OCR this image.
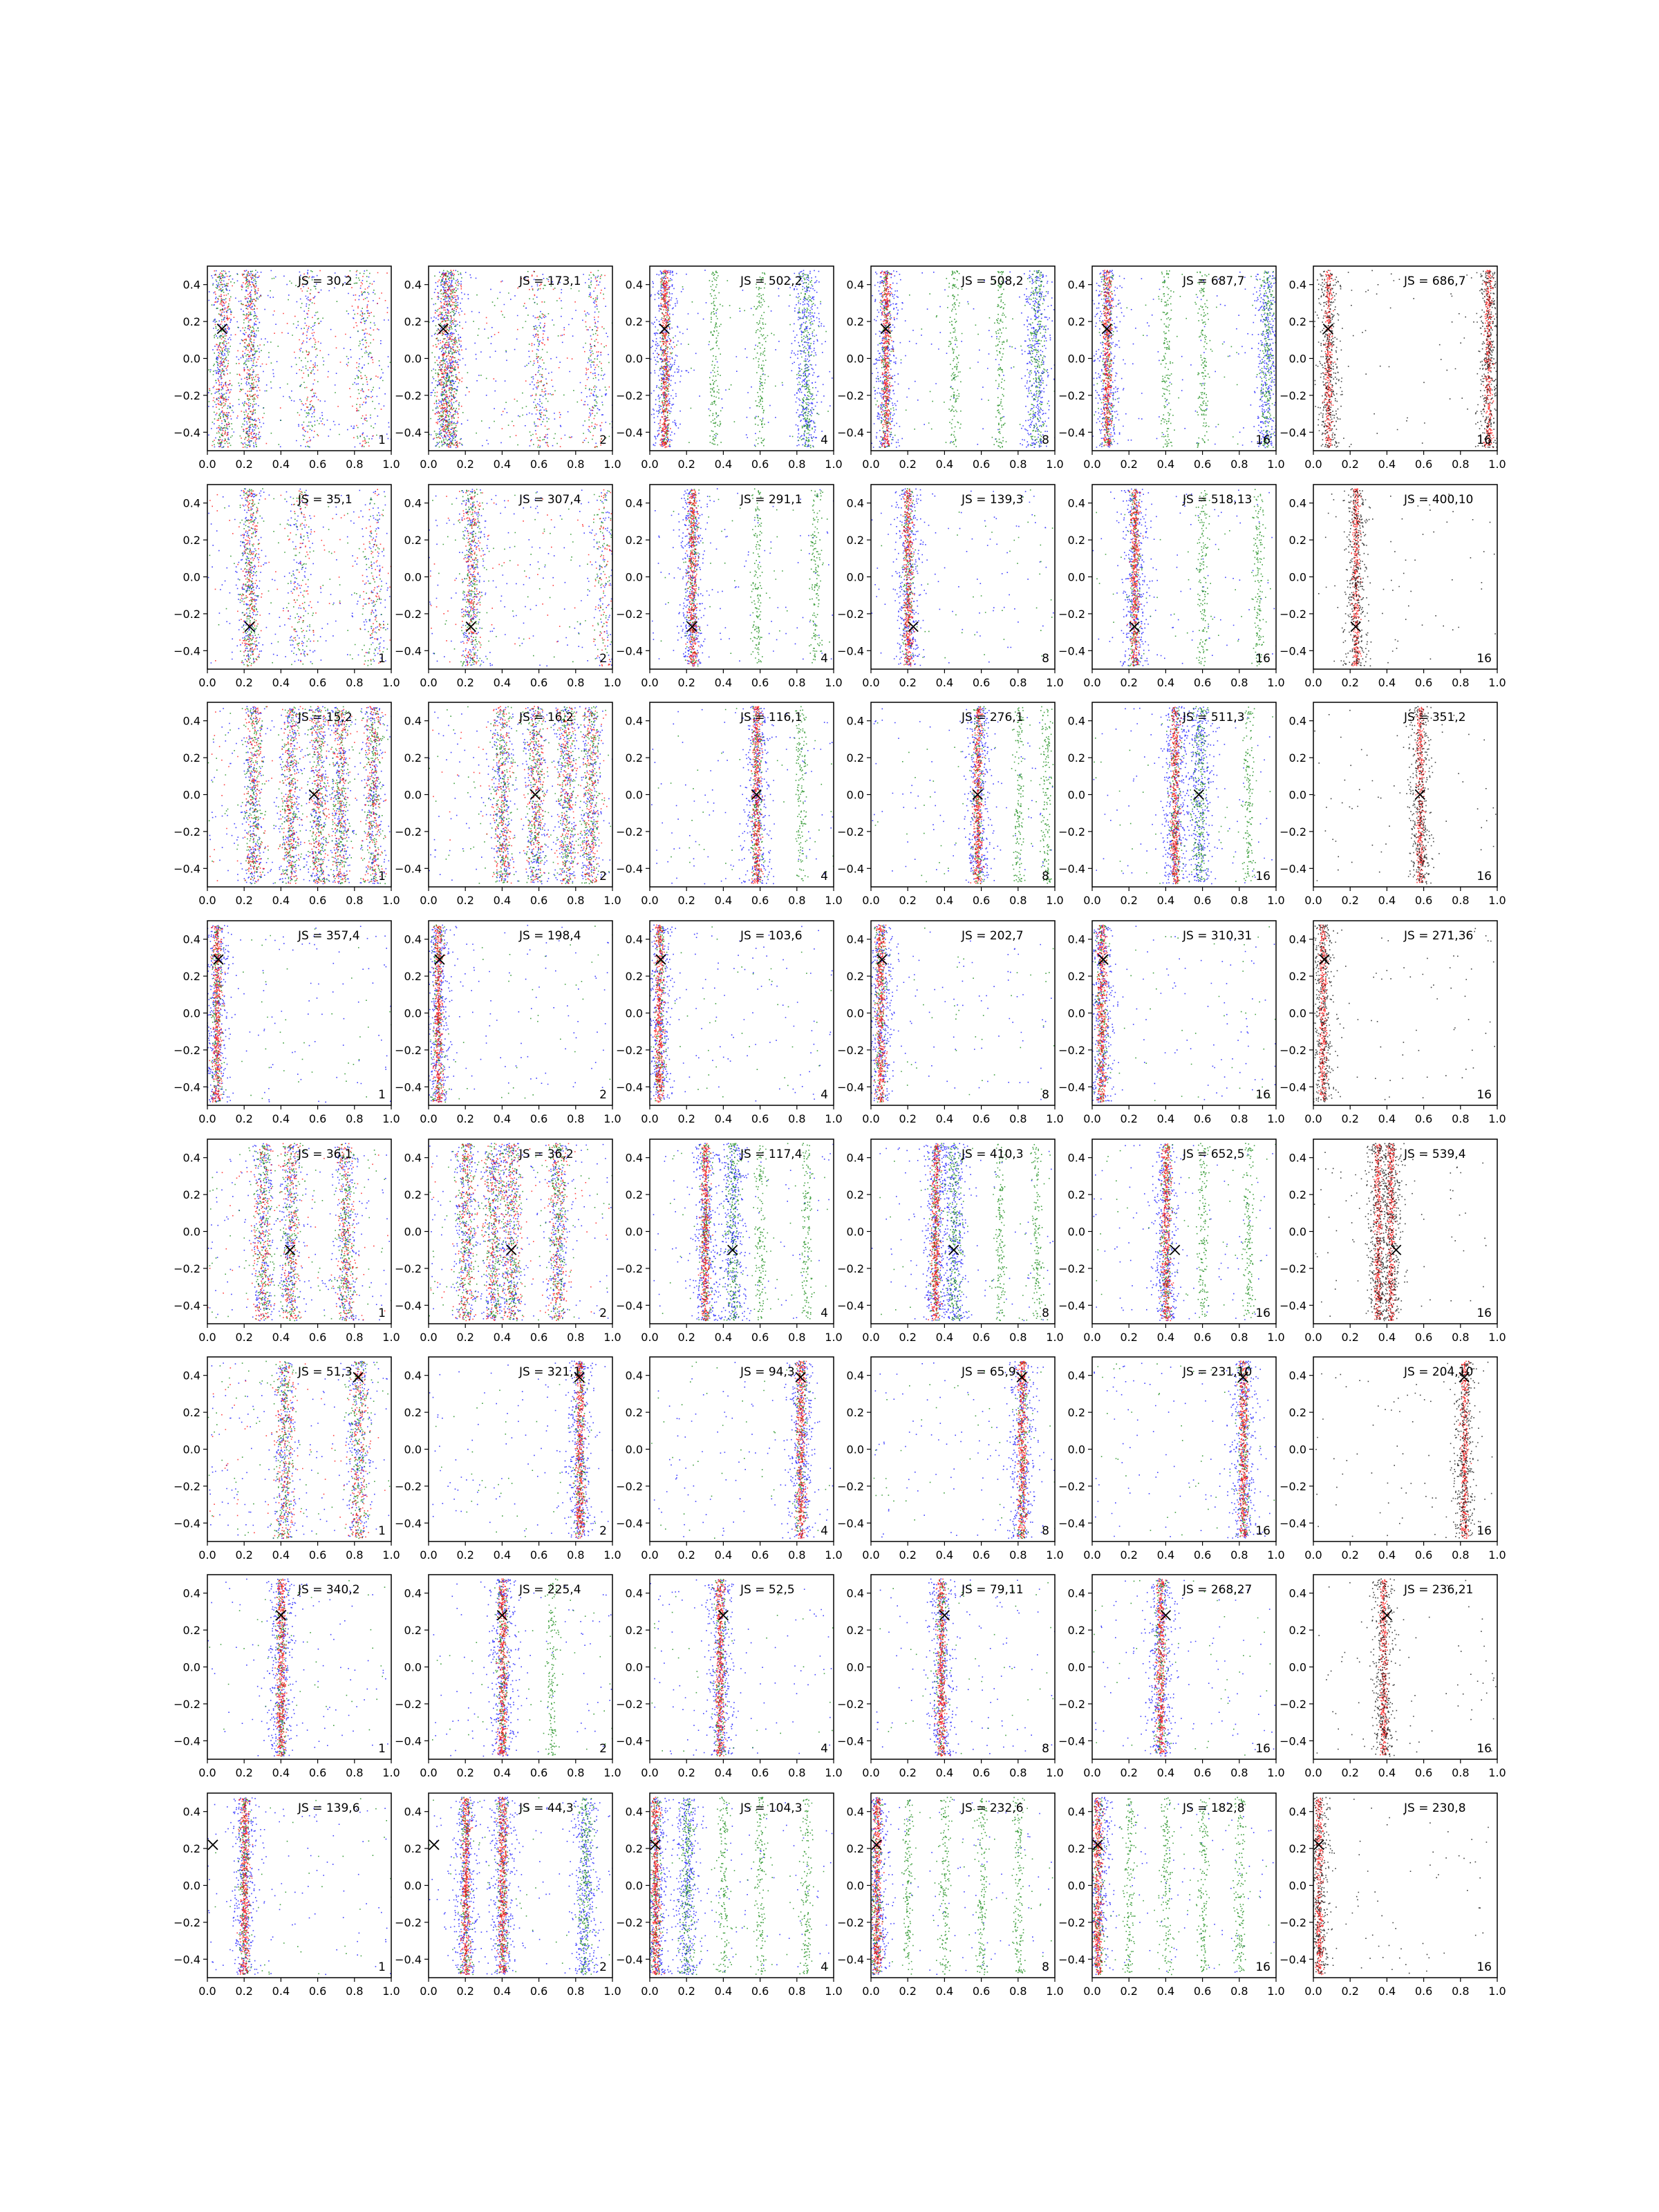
0.0 0.2 0.4 0.6 0.8 1.0
0.4
0.2
0.0
−0.2
−0.4
JS = 30,2
1
0.0 0.2 0.4 0.6 0.8 1.0
0.4
0.2
0.0
−0.2
−0.4
JS = 173,1
2
0.0 0.2 0.4 0.6 0.8 1.0
0.4
0.2
0.0
−0.2
−0.4
JS = 502,2
4
0.0 0.2 0.4 0.6 0.8 1.0
0.4
0.2
0.0
−0.2
−0.4
JS = 508,2
8
0.0 0.2 0.4 0.6 0.8 1.0
0.4
0.2
0.0
−0.2
−0.4
JS = 687,7
16
0.0 0.2 0.4 0.6 0.8 1.0
0.4
0.2
0.0
−0.2
−0.4
JS = 686,7
16
0.0 0.2 0.4 0.6 0.8 1.0
0.4
0.2
0.0
−0.2
−0.4
JS = 35,1
1
0.0 0.2 0.4 0.6 0.8 1.0
0.4
0.2
0.0
−0.2
−0.4
JS = 307,4
2
0.0 0.2 0.4 0.6 0.8 1.0
0.4
0.2
0.0
−0.2
−0.4
JS = 291,1
4
0.0 0.2 0.4 0.6 0.8 1.0
0.4
0.2
0.0
−0.2
−0.4
JS = 139,3
8
0.0 0.2 0.4 0.6 0.8 1.0
0.4
0.2
0.0
−0.2
−0.4
JS = 518,13
16
0.0 0.2 0.4 0.6 0.8 1.0
0.4
0.2
0.0
−0.2
−0.4
JS = 400,10
16
0.0 0.2 0.4 0.6 0.8 1.0
0.4
0.2
0.0
−0.2
−0.4
JS = 15,2
1
0.0 0.2 0.4 0.6 0.8 1.0
0.4
0.2
0.0
−0.2
−0.4
JS = 16,2
2
0.0 0.2 0.4 0.6 0.8 1.0
0.4
0.2
0.0
−0.2
−0.4
JS = 116,1
4
0.0 0.2 0.4 0.6 0.8 1.0
0.4
0.2
0.0
−0.2
−0.4
JS = 276,1
8
0.0 0.2 0.4 0.6 0.8 1.0
0.4
0.2
0.0
−0.2
−0.4
JS = 511,3
16
0.0 0.2 0.4 0.6 0.8 1.0
0.4
0.2
0.0
−0.2
−0.4
JS = 351,2
16
0.0 0.2 0.4 0.6 0.8 1.0
0.4
0.2
0.0
−0.2
−0.4
JS = 357,4
1
0.0 0.2 0.4 0.6 0.8 1.0
0.4
0.2
0.0
−0.2
−0.4
JS = 198,4
2
0.0 0.2 0.4 0.6 0.8 1.0
0.4
0.2
0.0
−0.2
−0.4
JS = 103,6
4
0.0 0.2 0.4 0.6 0.8 1.0
0.4
0.2
0.0
−0.2
−0.4
JS = 202,7
8
0.0 0.2 0.4 0.6 0.8 1.0
0.4
0.2
0.0
−0.2
−0.4
JS = 310,31
16
0.0 0.2 0.4 0.6 0.8 1.0
0.4
0.2
0.0
−0.2
−0.4
JS = 271,36
16
0.0 0.2 0.4 0.6 0.8 1.0
0.4
0.2
0.0
−0.2
−0.4
JS = 36,1
1
0.0 0.2 0.4 0.6 0.8 1.0
0.4
0.2
0.0
−0.2
−0.4
JS = 36,2
2
0.0 0.2 0.4 0.6 0.8 1.0
0.4
0.2
0.0
−0.2
−0.4
JS = 117,4
4
0.0 0.2 0.4 0.6 0.8 1.0
0.4
0.2
0.0
−0.2
−0.4
JS = 410,3
8
0.0 0.2 0.4 0.6 0.8 1.0
0.4
0.2
0.0
−0.2
−0.4
JS = 652,5
16
0.0 0.2 0.4 0.6 0.8 1.0
0.4
0.2
0.0
−0.2
−0.4
JS = 539,4
16
0.0 0.2 0.4 0.6 0.8 1.0
0.4
0.2
0.0
−0.2
−0.4
JS = 51,3
1
0.0 0.2 0.4 0.6 0.8 1.0
0.4
0.2
0.0
−0.2
−0.4
JS = 321,1
2
0.0 0.2 0.4 0.6 0.8 1.0
0.4
0.2
0.0
−0.2
−0.4
JS = 94,3
4
0.0 0.2 0.4 0.6 0.8 1.0
0.4
0.2
0.0
−0.2
−0.4
JS = 65,9
8
0.0 0.2 0.4 0.6 0.8 1.0
0.4
0.2
0.0
−0.2
−0.4
JS = 231,10
16
0.0 0.2 0.4 0.6 0.8 1.0
0.4
0.2
0.0
−0.2
−0.4
JS = 204,10
16
0.0 0.2 0.4 0.6 0.8 1.0
0.4
0.2
0.0
−0.2
−0.4
JS = 340,2
1
0.0 0.2 0.4 0.6 0.8 1.0
0.4
0.2
0.0
−0.2
−0.4
JS = 225,4
2
0.0 0.2 0.4 0.6 0.8 1.0
0.4
0.2
0.0
−0.2
−0.4
JS = 52,5
4
0.0 0.2 0.4 0.6 0.8 1.0
0.4
0.2
0.0
−0.2
−0.4
JS = 79,11
8
0.0 0.2 0.4 0.6 0.8 1.0
0.4
0.2
0.0
−0.2
−0.4
JS = 268,27
16
0.0 0.2 0.4 0.6 0.8 1.0
0.4
0.2
0.0
−0.2
−0.4
JS = 236,21
16
0.0 0.2 0.4 0.6 0.8 1.0
0.4
0.2
0.0
−0.2
−0.4
JS = 139,6
1
0.0 0.2 0.4 0.6 0.8 1.0
0.4
0.2
0.0
−0.2
−0.4
JS = 44,3
2
0.0 0.2 0.4 0.6 0.8 1.0
0.4
0.2
0.0
−0.2
−0.4
JS = 104,3
4
0.0 0.2 0.4 0.6 0.8 1.0
0.4
0.2
0.0
−0.2
−0.4
JS = 232,6
8
0.0 0.2 0.4 0.6 0.8 1.0
0.4
0.2
0.0
−0.2
−0.4
JS = 182,8
16
0.0 0.2 0.4 0.6 0.8 1.0
0.4
0.2
0.0
−0.2
−0.4
JS = 230,8
16
